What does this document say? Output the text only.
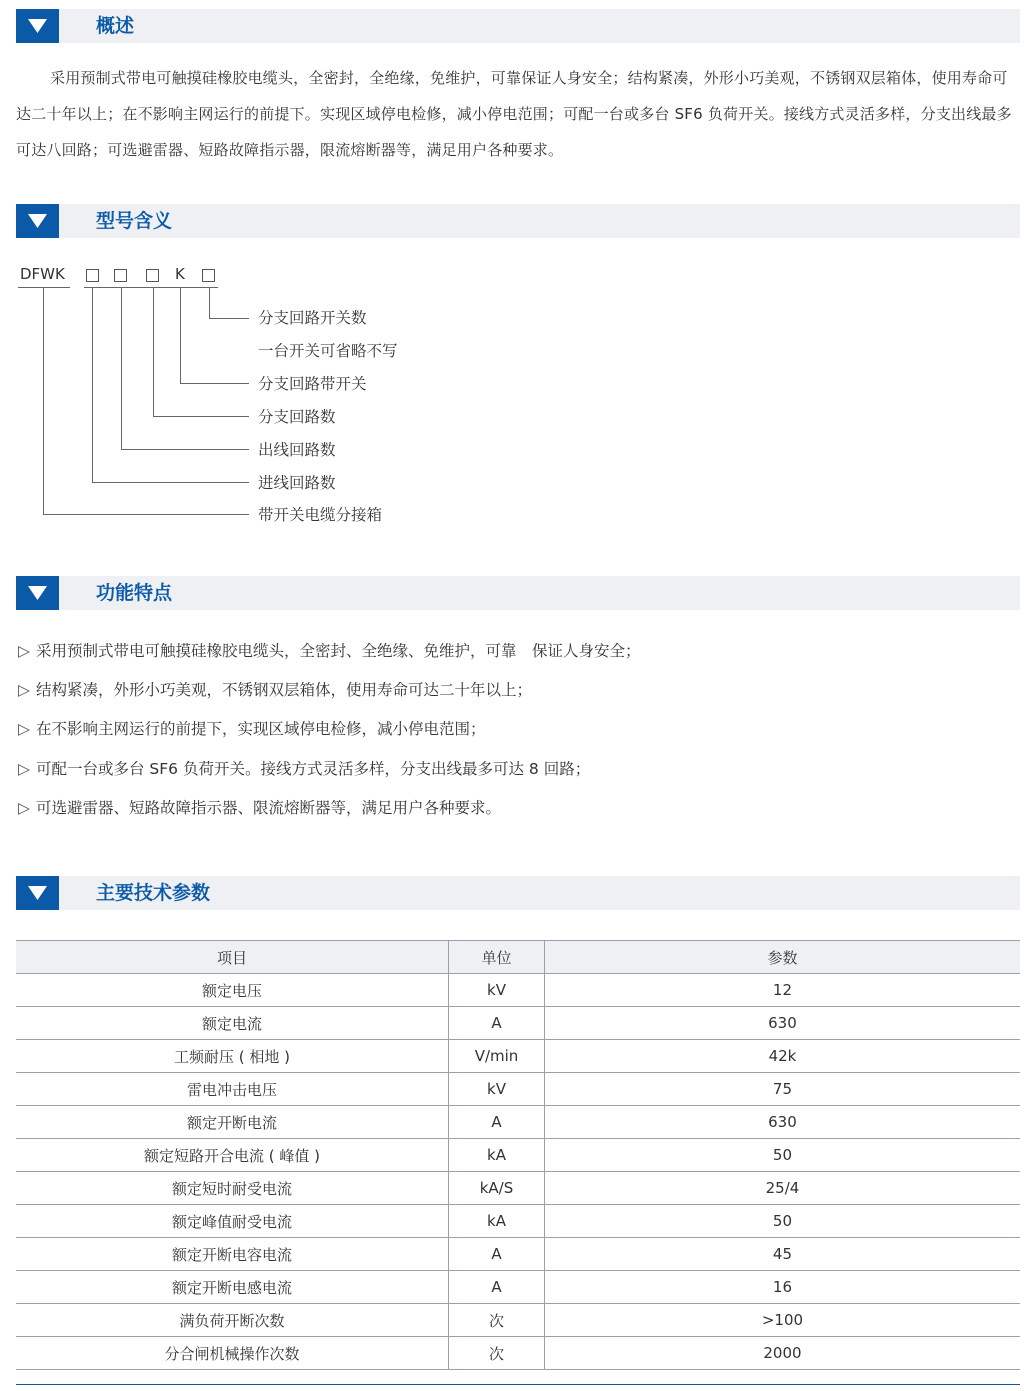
概述
采用预制式带电可触摸硅橡胶电缆头，全密封，全绝缘，免维护，可靠保证人身安全；结构紧凑，外形小巧美观，不锈钢双层箱体，使用寿命可达二十年以上；在不影响主网运行的前提下。实现区域停电检修，减小停电范围；可配一台或多台 SF6 负荷开关。接线方式灵活多样，分支出线最多可达八回路；可选避雷器、短路故障指示器，限流熔断器等，满足用户各种要求。
型号含义
DFWK	K
分支回路开关数
一台开关可省略不写
分支回路带开关
分支回路数
出线回路数
进线回路数
带开关电缆分接箱
功能特点
▷ 采用预制式带电可触摸硅橡胶电缆头，全密封、全绝缘、免维护，可靠　保证人身安全；
▷ 结构紧凑，外形小巧美观，不锈钢双层箱体，使用寿命可达二十年以上；
▷ 在不影响主网运行的前提下，实现区域停电检修，减小停电范围；
▷ 可配一台或多台 SF6 负荷开关。接线方式灵活多样，分支出线最多可达 8 回路；
▷ 可选避雷器、短路故障指示器、限流熔断器等，满足用户各种要求。
主要技术参数
项目	单位	参数
额定电压	kV	12
额定电流	A	630
工频耐压 ( 相地 )	V/min	42k
雷电冲击电压	kV	75
额定开断电流	A	630
额定短路开合电流 ( 峰值 )	kA	50
额定短时耐受电流	kA/S	25/4
额定峰值耐受电流	kA	50
额定开断电容电流	A	45
额定开断电感电流	A	16
满负荷开断次数	次	>100
分合闸机械操作次数	次	2000
